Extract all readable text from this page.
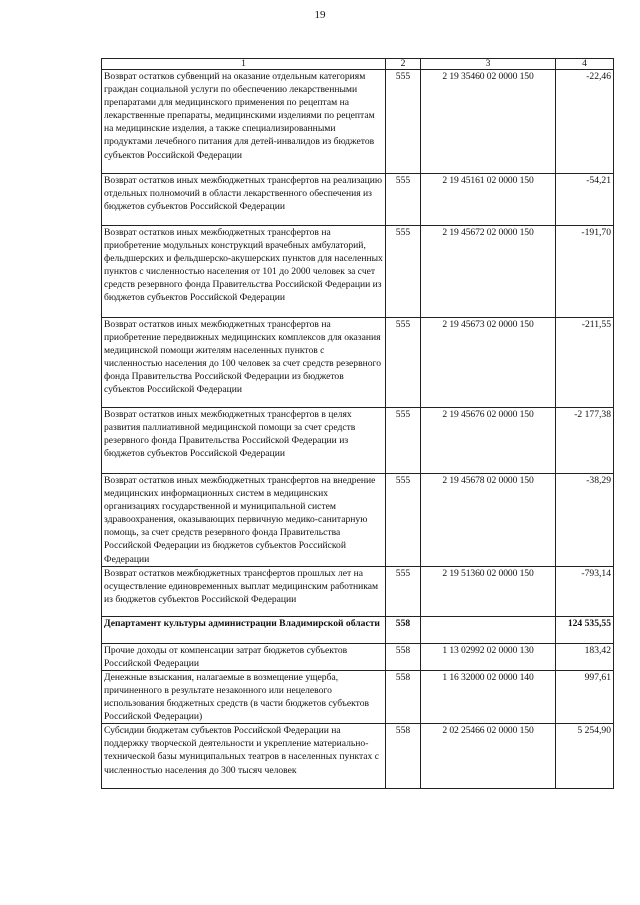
19
1	2	3	4
Возврат остатков субвенций на оказание отдельным категориям граждан социальной услуги по обеспечению лекарственными препаратами для медицинского применения по рецептам на лекарственные препараты, медицинскими изделиями по рецептам на медицинские изделия, а также специализированными продуктами лечебного питания для детей-инвалидов из бюджетов субъектов Российской Федерации	555	2 19 35460 02 0000 150	-22,46
Возврат остатков иных межбюджетных трансфертов на реализацию отдельных полномочий в области лекарственного обеспечения из бюджетов субъектов Российской Федерации	555	2 19 45161 02 0000 150	-54,21
Возврат остатков иных межбюджетных трансфертов на приобретение модульных конструкций врачебных амбулаторий, фельдшерских и фельдшерско-акушерских пунктов для населенных пунктов с численностью населения от 101 до 2000 человек за счет средств резервного фонда Правительства Российской Федерации из бюджетов субъектов Российской Федерации	555	2 19 45672 02 0000 150	-191,70
Возврат остатков иных межбюджетных трансфертов на приобретение передвижных медицинских комплексов для оказания медицинской помощи жителям населенных пунктов с численностью населения до 100 человек за счет средств резервного фонда Правительства Российской Федерации из бюджетов субъектов Российской Федерации	555	2 19 45673 02 0000 150	-211,55
Возврат остатков иных межбюджетных трансфертов в целях развития паллиативной медицинской помощи за счет средств резервного фонда Правительства Российской Федерации из бюджетов субъектов Российской Федерации	555	2 19 45676 02 0000 150	-2 177,38
Возврат остатков иных межбюджетных трансфертов на внедрение медицинских информационных систем в медицинских организациях государственной и муниципальной систем здравоохранения, оказывающих первичную медико-санитарную помощь, за счет средств резервного фонда Правительства Российской Федерации из бюджетов субъектов Российской Федерации	555	2 19 45678 02 0000 150	-38,29
Возврат остатков межбюджетных трансфертов прошлых лет на осуществление единовременных выплат медицинским работникам из бюджетов субъектов Российской Федерации	555	2 19 51360 02 0000 150	-793,14
Департамент культуры администрации Владимирской области	558		124 535,55
Прочие доходы от компенсации затрат бюджетов субъектов Российской Федерации	558	1 13 02992 02 0000 130	183,42
Денежные взыскания, налагаемые в возмещение ущерба, причиненного в результате незаконного или нецелевого использования бюджетных средств (в части бюджетов субъектов Российской Федерации)	558	1 16 32000 02 0000 140	997,61
Субсидии бюджетам субъектов Российской Федерации на поддержку творческой деятельности и укрепление материально-технической базы муниципальных театров в населенных пунктах с численностью населения до 300 тысяч человек	558	2 02 25466 02 0000 150	5 254,90
